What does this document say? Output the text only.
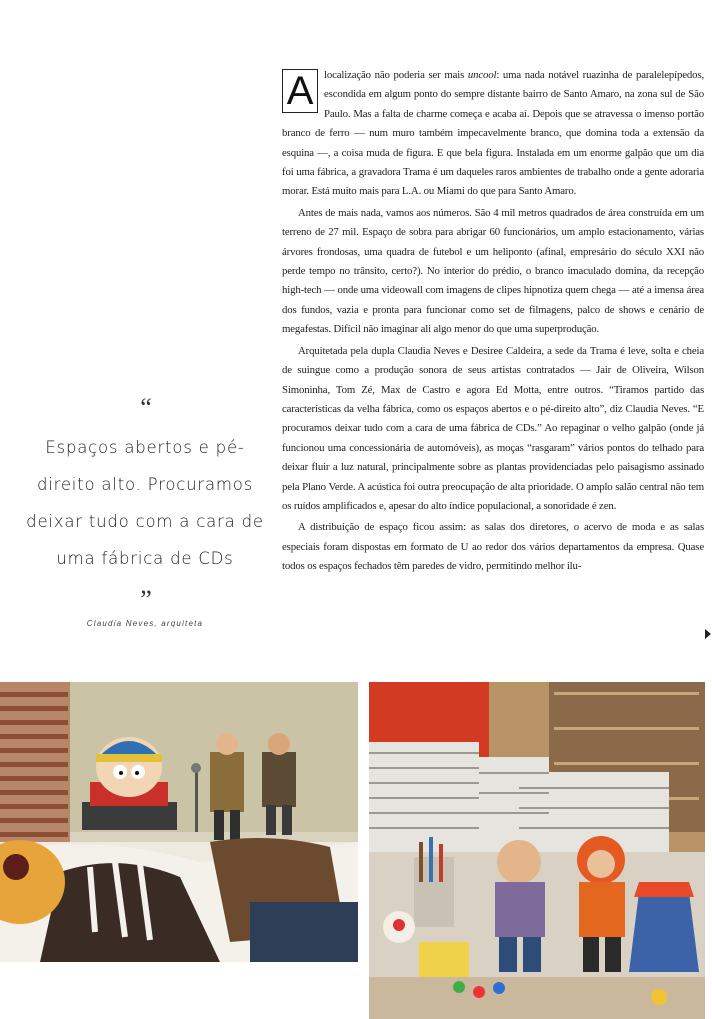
“
Espaços abertos e pé-direito alto. Procuramos deixar tudo com a cara de uma fábrica de CDs
”
Claudia Neves, arquiteta

A localização não poderia ser mais uncool: uma nada notável ruazinha de paralelepípedos, escondida em algum ponto do sempre distante bairro de Santo Amaro, na zona sul de São Paulo. Mas a falta de charme começa e acaba aí. Depois que se atravessa o imenso portão branco de ferro — num muro também impecavelmente branco, que domina toda a extensão da esquina —, a coisa muda de figura. E que bela figura. Instalada em um enorme galpão que um dia foi uma fábrica, a gravadora Trama é um daqueles raros ambientes de trabalho onde a gente adoraria morar. Está muito mais para L.A. ou Miami do que para Santo Amaro.

Antes de mais nada, vamos aos números. São 4 mil metros quadrados de área construída em um terreno de 27 mil. Espaço de sobra para abrigar 60 funcionários, um amplo estacionamento, várias árvores frondosas, uma quadra de futebol e um heliponto (afinal, empresário do século XXI não perde tempo no trânsito, certo?). No interior do prédio, o branco imaculado domina, da recepção high-tech — onde uma videowall com imagens de clipes hipnotiza quem chega — até a imensa área dos fundos, vazia e pronta para funcionar como set de filmagens, palco de shows e cenário de megafestas. Difícil não imaginar ali algo menor do que uma superprodução.

Arquitetada pela dupla Claudia Neves e Desiree Caldeira, a sede da Trama é leve, solta e cheia de suingue como a produção sonora de seus artistas contratados — Jair de Oliveira, Wilson Simoninha, Tom Zé, Max de Castro e agora Ed Motta, entre outros. “Tiramos partido das características da velha fábrica, como os espaços abertos e o pé-direito alto”, diz Claudia Neves. “E procuramos deixar tudo com a cara de uma fábrica de CDs.” Ao repaginar o velho galpão (onde já funcionou uma concessionária de automóveis), as moças “rasgaram” vários pontos do telhado para deixar fluir a luz natural, principalmente sobre as plantas providenciadas pelo paisagismo assinado pela Plano Verde. A acústica foi outra preocupação de alta prioridade. O amplo salão central não tem os ruídos amplificados e, apesar do alto índice populacional, a sonoridade é zen.

A distribuição de espaço ficou assim: as salas dos diretores, o acervo de moda e as salas especiais foram dispostas em formato de U ao redor dos vários departamentos da empresa. Quase todos os espaços fechados têm paredes de vidro, permitindo melhor ilu-
